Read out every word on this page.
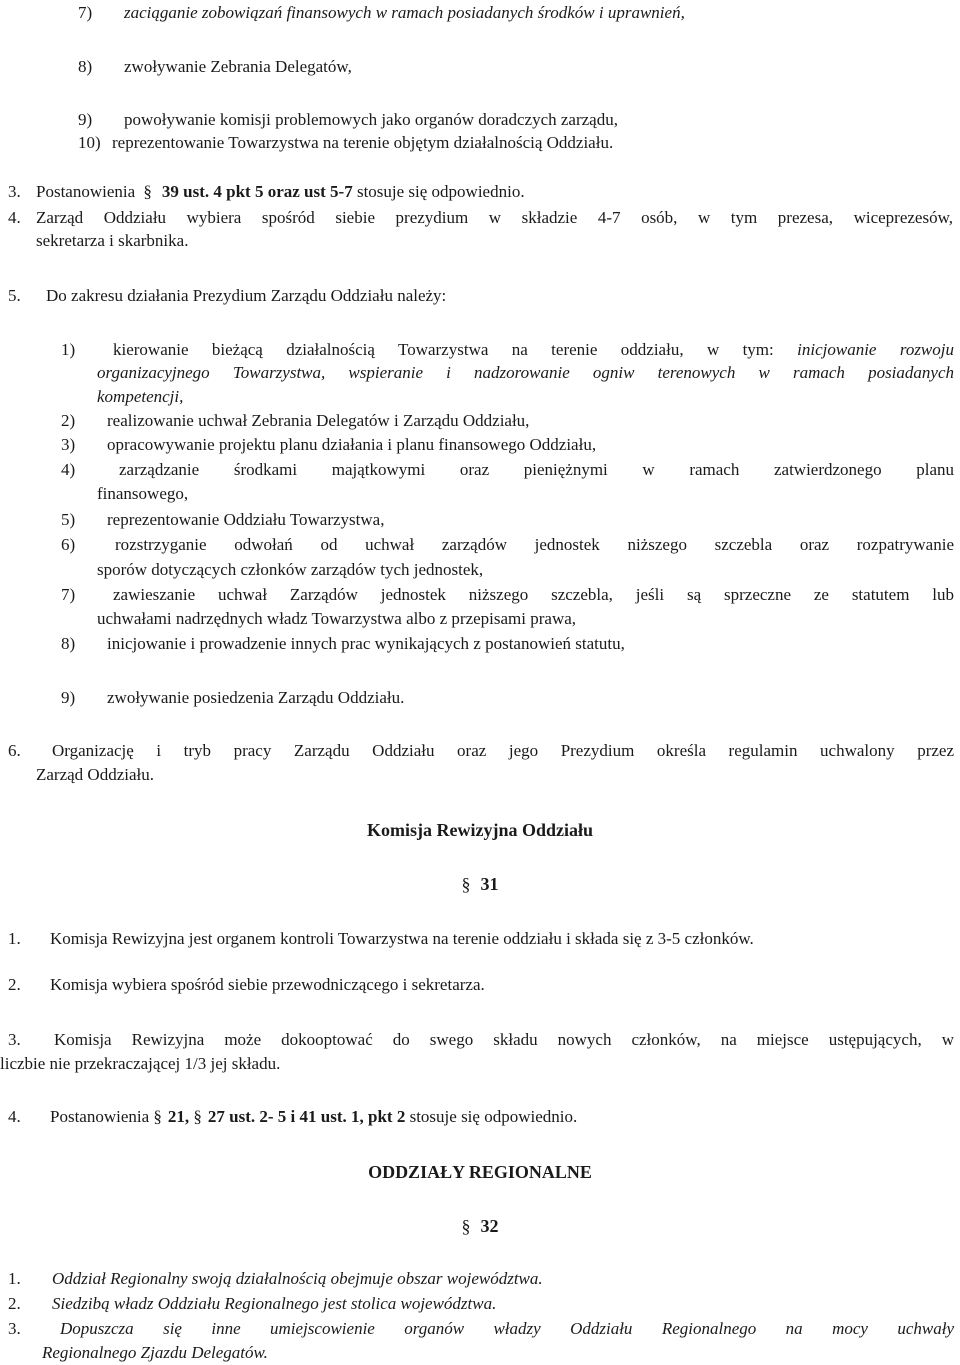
7) zaciąganie zobowiązań finansowych w ramach posiadanych środków i uprawnień,
8) zwoływanie Zebrania Delegatów,
9) powoływanie komisji problemowych jako organów doradczych zarządu,
10) reprezentowanie Towarzystwa na terenie objętym działalnością Oddziału.
3. Postanowienia § 39 ust. 4 pkt 5 oraz ust 5-7 stosuje się odpowiednio.
4. Zarząd Oddziału wybiera spośród siebie prezydium w składzie 4-7 osób, w tym prezesa, wiceprezesów,
sekretarza i skarbnika.
5. Do zakresu działania Prezydium Zarządu Oddziału należy:
1) kierowanie bieżącą działalnością Towarzystwa na terenie oddziału, w tym: inicjowanie rozwoju
organizacyjnego Towarzystwa, wspieranie i nadzorowanie ogniw terenowych w ramach posiadanych
kompetencji,
2) realizowanie uchwał Zebrania Delegatów i Zarządu Oddziału,
3) opracowywanie projektu planu działania i planu finansowego Oddziału,
4)	zarządzanie środkami majątkowymi oraz pieniężnymi w ramach zatwierdzonego planu
finansowego,
5) reprezentowanie Oddziału Towarzystwa,
6) rozstrzyganie odwołań od uchwał zarządów jednostek niższego szczebla oraz rozpatrywanie
sporów dotyczących członków zarządów tych jednostek,
7) zawieszanie uchwał Zarządów jednostek niższego szczebla, jeśli są sprzeczne ze statutem lub
uchwałami nadrzędnych władz Towarzystwa albo z przepisami prawa,
8) inicjowanie i prowadzenie innych prac wynikających z postanowień statutu,
9) zwoływanie posiedzenia Zarządu Oddziału.
6. Organizację i tryb pracy Zarządu Oddziału oraz jego Prezydium określa regulamin uchwalony przez
Zarząd Oddziału.
Komisja Rewizyjna Oddziału
§ 31
1. Komisja Rewizyjna jest organem kontroli Towarzystwa na terenie oddziału i składa się z 3-5 członków.
2. Komisja wybiera spośród siebie przewodniczącego i sekretarza.
3. Komisja Rewizyjna może dokooptować do swego składu nowych członków, na miejsce ustępujących, w
liczbie nie przekraczającej 1/3 jej składu.
4. Postanowienia § 21, § 27 ust. 2- 5 i 41 ust. 1, pkt 2 stosuje się odpowiednio.
ODDZIAŁY REGIONALNE
§ 32
1. Oddział Regionalny swoją działalnością obejmuje obszar województwa.
2. Siedzibą władz Oddziału Regionalnego jest stolica województwa.
3. Dopuszcza się inne umiejscowienie organów władzy Oddziału Regionalnego na mocy uchwały
Regionalnego Zjazdu Delegatów.
